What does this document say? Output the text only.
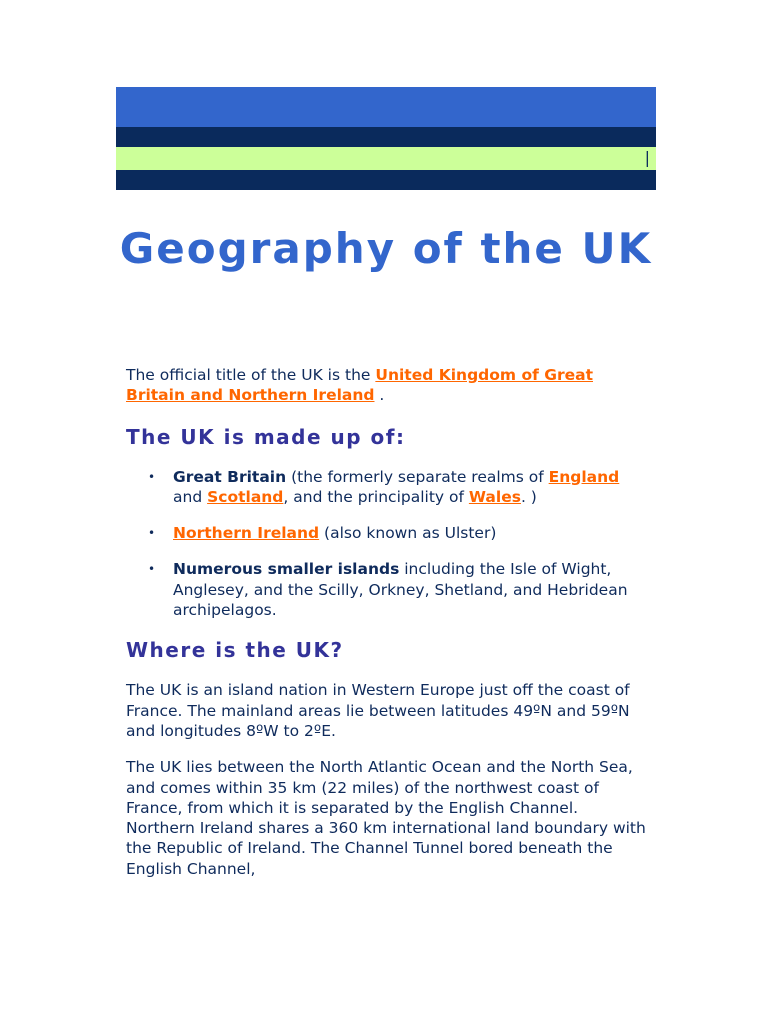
|
Geography of the UK

The official title of the UK is the United Kingdom of Great Britain and Northern Ireland .

The UK is made up of:
• Great Britain (the formerly separate realms of England and Scotland, and the principality of Wales. )
• Northern Ireland (also known as Ulster)
• Numerous smaller islands including the Isle of Wight, Anglesey, and the Scilly, Orkney, Shetland, and Hebridean archipelagos.
Where is the UK?

The UK is an island nation in Western Europe just off the coast of France. The mainland areas lie between latitudes 49ºN and 59ºN and longitudes 8ºW to 2ºE.

The UK lies between the North Atlantic Ocean and the North Sea, and comes within 35 km (22 miles) of the northwest coast of France, from which it is separated by the English Channel. Northern Ireland shares a 360 km international land boundary with the Republic of Ireland. The Channel Tunnel bored beneath the English Channel,
